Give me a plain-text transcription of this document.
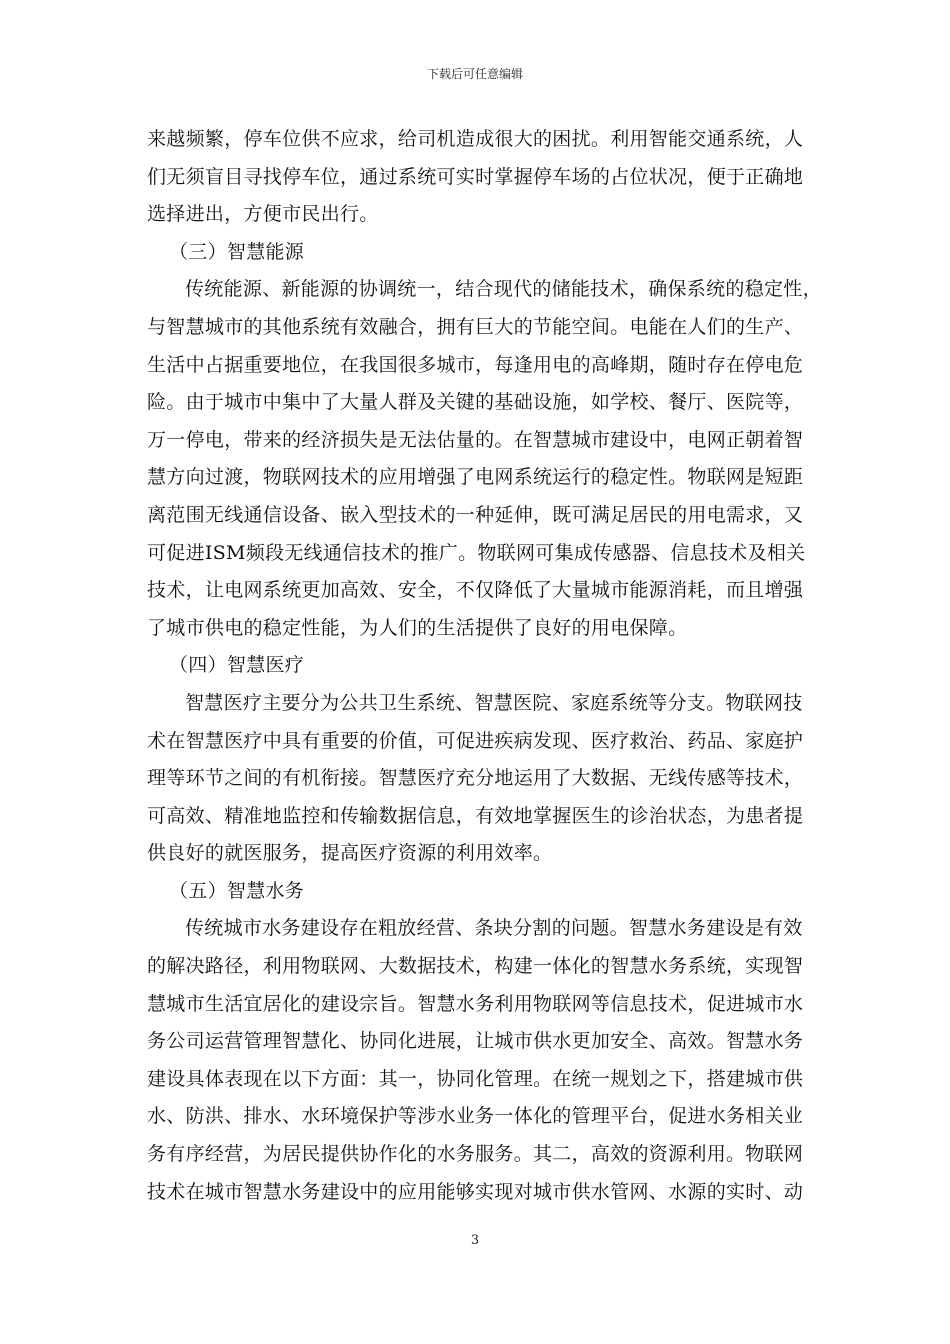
下载后可任意编辑
来越频繁，停车位供不应求，给司机造成很大的困扰。利用智能交通系统，人
们无须盲目寻找停车位，通过系统可实时掌握停车场的占位状况，便于正确地
选择进出，方便市民出行。
（三）智慧能源
传统能源、新能源的协调统一，结合现代的储能技术，确保系统的稳定性，
与智慧城市的其他系统有效融合，拥有巨大的节能空间。电能在人们的生产、
生活中占据重要地位，在我国很多城市，每逢用电的高峰期，随时存在停电危
险。由于城市中集中了大量人群及关键的基础设施，如学校、餐厅、医院等，
万一停电，带来的经济损失是无法估量的。在智慧城市建设中，电网正朝着智
慧方向过渡，物联网技术的应用增强了电网系统运行的稳定性。物联网是短距
离范围无线通信设备、嵌入型技术的一种延伸，既可满足居民的用电需求，又
可促进ISM频段无线通信技术的推广。物联网可集成传感器、信息技术及相关
技术，让电网系统更加高效、安全，不仅降低了大量城市能源消耗，而且增强
了城市供电的稳定性能，为人们的生活提供了良好的用电保障。
（四）智慧医疗
智慧医疗主要分为公共卫生系统、智慧医院、家庭系统等分支。物联网技
术在智慧医疗中具有重要的价值，可促进疾病发现、医疗救治、药品、家庭护
理等环节之间的有机衔接。智慧医疗充分地运用了大数据、无线传感等技术，
可高效、精准地监控和传输数据信息，有效地掌握医生的诊治状态，为患者提
供良好的就医服务，提高医疗资源的利用效率。
（五）智慧水务
传统城市水务建设存在粗放经营、条块分割的问题。智慧水务建设是有效
的解决路径，利用物联网、大数据技术，构建一体化的智慧水务系统，实现智
慧城市生活宜居化的建设宗旨。智慧水务利用物联网等信息技术，促进城市水
务公司运营管理智慧化、协同化进展，让城市供水更加安全、高效。智慧水务
建设具体表现在以下方面：其一，协同化管理。在统一规划之下，搭建城市供
水、防洪、排水、水环境保护等涉水业务一体化的管理平台，促进水务相关业
务有序经营，为居民提供协作化的水务服务。其二，高效的资源利用。物联网
技术在城市智慧水务建设中的应用能够实现对城市供水管网、水源的实时、动
3
